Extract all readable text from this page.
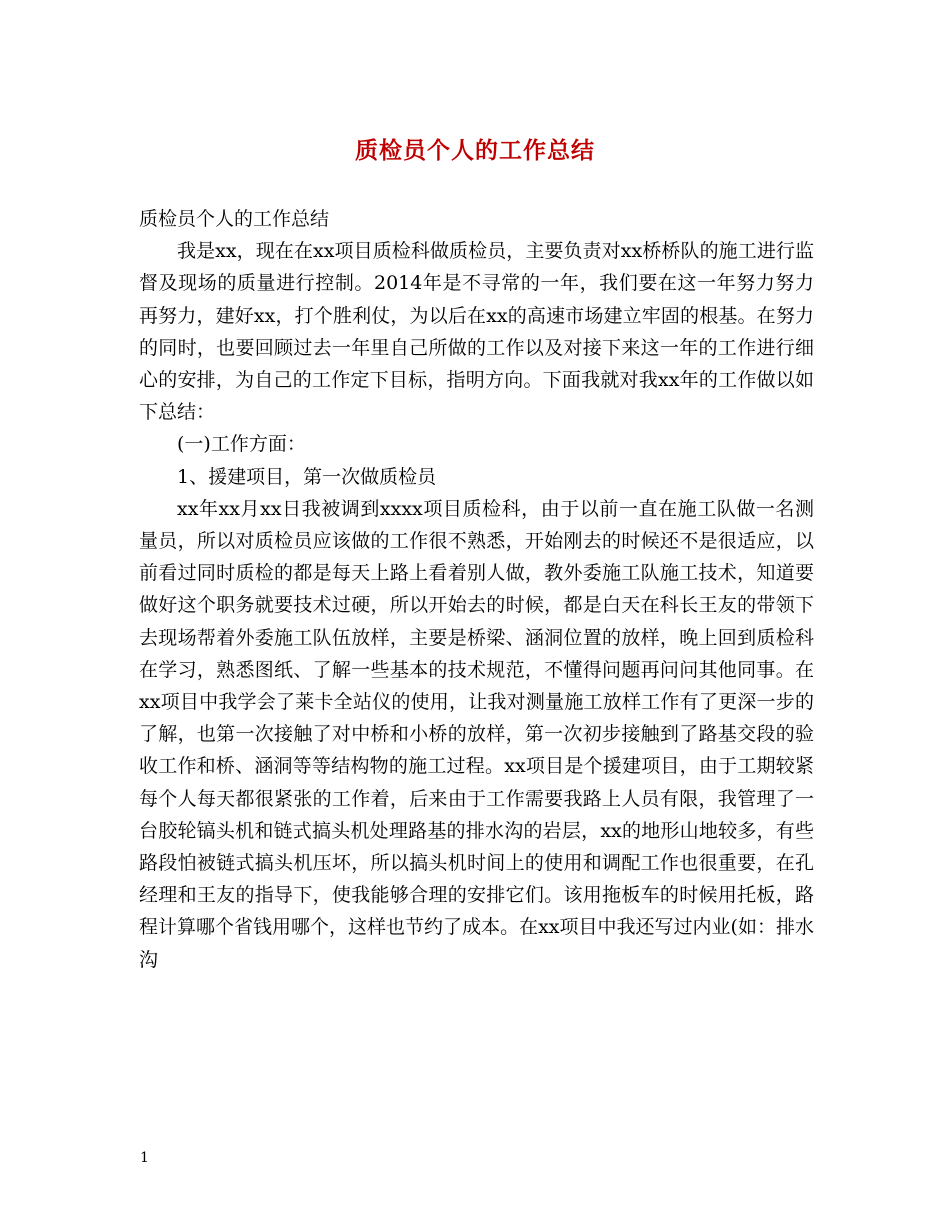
质检员个人的工作总结

质检员个人的工作总结

我是xx，现在在xx项目质检科做质检员，主要负责对xx桥桥队的施工进行监督及现场的质量进行控制。2014年是不寻常的一年，我们要在这一年努力努力再努力，建好xx，打个胜利仗，为以后在xx的高速市场建立牢固的根基。在努力的同时，也要回顾过去一年里自己所做的工作以及对接下来这一年的工作进行细心的安排，为自己的工作定下目标，指明方向。下面我就对我xx年的工作做以如下总结：

(一)工作方面：

1、援建项目，第一次做质检员

xx年xx月xx日我被调到xxxx项目质检科，由于以前一直在施工队做一名测量员，所以对质检员应该做的工作很不熟悉，开始刚去的时候还不是很适应，以前看过同时质检的都是每天上路上看着别人做，教外委施工队施工技术，知道要做好这个职务就要技术过硬，所以开始去的时候，都是白天在科长王友的带领下去现场帮着外委施工队伍放样，主要是桥梁、涵洞位置的放样，晚上回到质检科在学习，熟悉图纸、了解一些基本的技术规范，不懂得问题再问问其他同事。在xx项目中我学会了莱卡全站仪的使用，让我对测量施工放样工作有了更深一步的了解，也第一次接触了对中桥和小桥的放样，第一次初步接触到了路基交段的验收工作和桥、涵洞等等结构物的施工过程。xx项目是个援建项目，由于工期较紧每个人每天都很紧张的工作着，后来由于工作需要我路上人员有限，我管理了一台胶轮镐头机和链式搞头机处理路基的排水沟的岩层，xx的地形山地较多，有些路段怕被链式搞头机压坏，所以搞头机时间上的使用和调配工作也很重要，在孔经理和王友的指导下，使我能够合理的安排它们。该用拖板车的时候用托板，路程计算哪个省钱用哪个，这样也节约了成本。在xx项目中我还写过内业(如：排水沟

1
